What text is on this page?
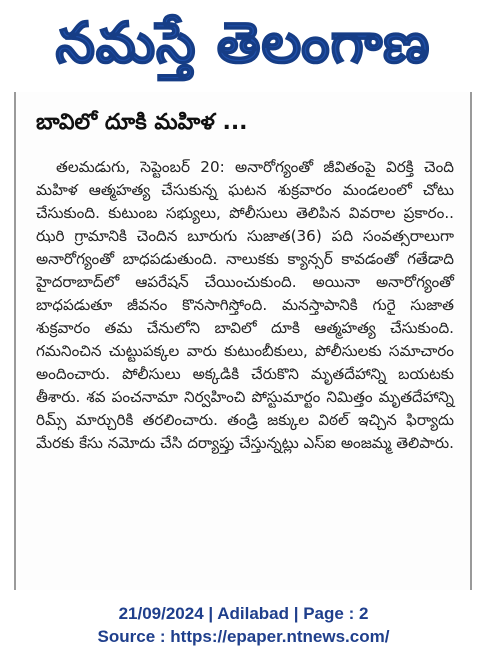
నమస్తే తెలంగాణ
బావిలో దూకి మహిళ ...
తలమడుగు, సెప్టెంబర్ 20: అనారోగ్యంతో జీవితంపై విరక్తి చెంది మహిళ ఆత్మహత్య చేసుకున్న ఘటన శుక్రవారం మండలంలో చోటు చేసుకుంది. కుటుంబ సభ్యులు, పోలీసులు తెలిపిన వివరాల ప్రకారం.. ఝరి గ్రామానికి చెందిన బూరుగు సుజాత(36) పది సంవత్సరాలుగా అనారోగ్యంతో బాధపడుతుంది. నాలుకకు క్యాన్సర్ కావడంతో గతేడాది హైదరాబాద్‌లో ఆపరేషన్ చేయించుకుంది. అయినా అనారోగ్యంతో బాధపడుతూ జీవనం కొనసాగిస్తోంది. మనస్తాపానికి గురై సుజాత శుక్రవారం తమ చేనులోని బావిలో దూకి ఆత్మహత్య చేసుకుంది. గమనించిన చుట్టుపక్కల వారు కుటుంబీకులు, పోలీసులకు సమాచారం అందించారు. పోలీసులు అక్కడికి చేరుకొని మృతదేహాన్ని బయటకు తీశారు. శవ పంచనామా నిర్వహించి పోస్టుమార్టం నిమిత్తం మృతదేహాన్ని రిమ్స్ మార్చురికి తరలించారు. తండ్రి జక్కుల విఠల్ ఇచ్చిన ఫిర్యాదు మేరకు కేసు నమోదు చేసి దర్యాప్తు చేస్తున్నట్లు ఎస్ఐ అంజమ్మ తెలిపారు.
21/09/2024 | Adilabad | Page : 2
Source : https://epaper.ntnews.com/
